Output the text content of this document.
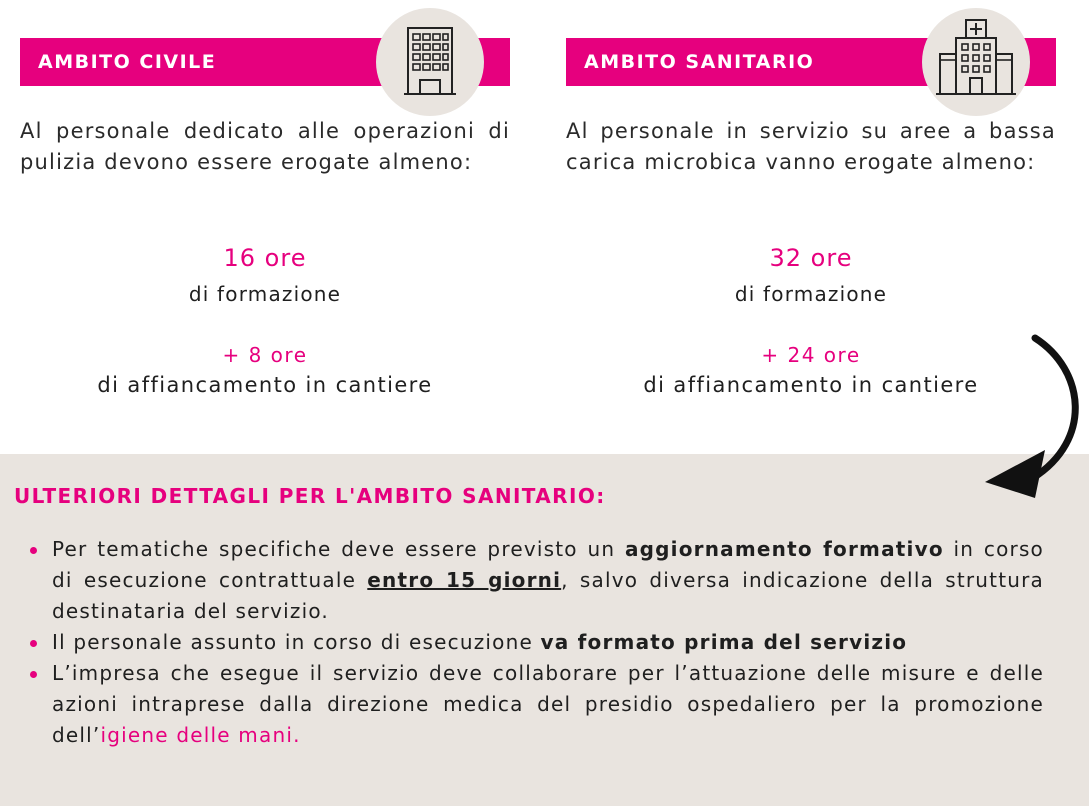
AMBITO CIVILE
Al personale dedicato alle operazioni di pulizia devono essere erogate almeno:
16 ore
di formazione
+ 8 ore
di affiancamento in cantiere
AMBITO SANITARIO
Al personale in servizio su aree a bassa carica microbica vanno erogate almeno:
32 ore
di formazione
+ 24 ore
di affiancamento in cantiere
ULTERIORI DETTAGLI PER L'AMBITO SANITARIO:
Per tematiche specifiche deve essere previsto un aggiornamento formativo in corso di esecuzione contrattuale entro 15 giorni, salvo diversa indicazione della struttura destinataria del servizio.
Il personale assunto in corso di esecuzione va formato prima del servizio
L’impresa che esegue il servizio deve collaborare per l’attuazione delle misure e delle azioni intraprese dalla direzione medica del presidio ospedaliero per la promozione dell’igiene delle mani.
